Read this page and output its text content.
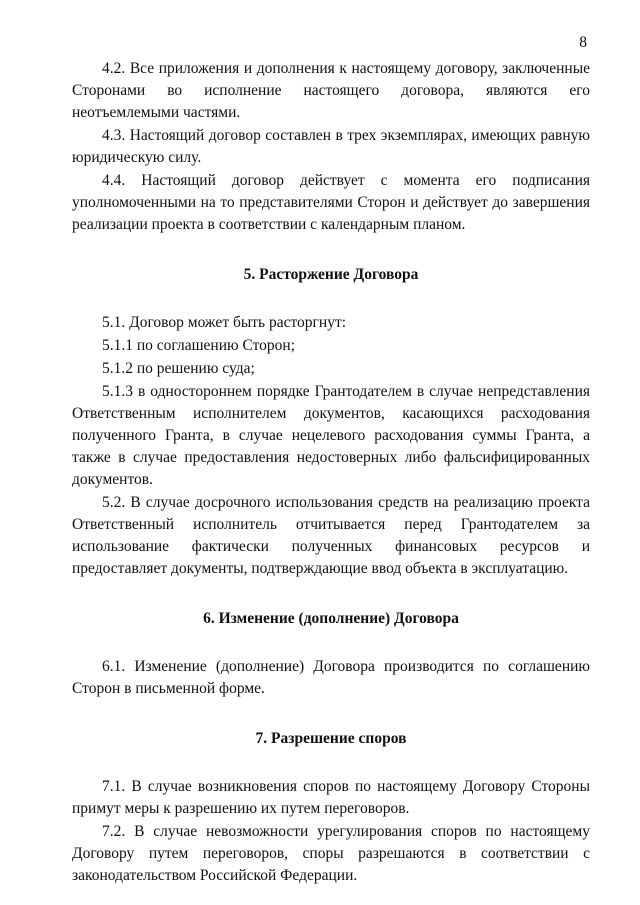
8

4.2. Все приложения и дополнения к настоящему договору, заключенные Сторонами во исполнение настоящего договора, являются его неотъемлемыми частями.

4.3. Настоящий договор составлен в трех экземплярах, имеющих равную юридическую силу.

4.4. Настоящий договор действует с момента его подписания уполномоченными на то представителями Сторон и действует до завершения реализации проекта в соответствии с календарным планом.

5. Расторжение Договора

5.1. Договор может быть расторгнут:

5.1.1 по соглашению Сторон;

5.1.2 по решению суда;

5.1.3 в одностороннем порядке Грантодателем в случае непредставления Ответственным исполнителем документов, касающихся расходования полученного Гранта, в случае нецелевого расходования суммы Гранта, а также в случае предоставления недостоверных либо фальсифицированных документов.

5.2. В случае досрочного использования средств на реализацию проекта Ответственный исполнитель отчитывается перед Грантодателем за использование фактически полученных финансовых ресурсов и предоставляет документы, подтверждающие ввод объекта в эксплуатацию.

6. Изменение (дополнение) Договора

6.1. Изменение (дополнение) Договора производится по соглашению Сторон в письменной форме.

7. Разрешение споров

7.1. В случае возникновения споров по настоящему Договору Стороны примут меры к разрешению их путем переговоров.

7.2. В случае невозможности урегулирования споров по настоящему Договору путем переговоров, споры разрешаются в соответствии с законодательством Российской Федерации.
